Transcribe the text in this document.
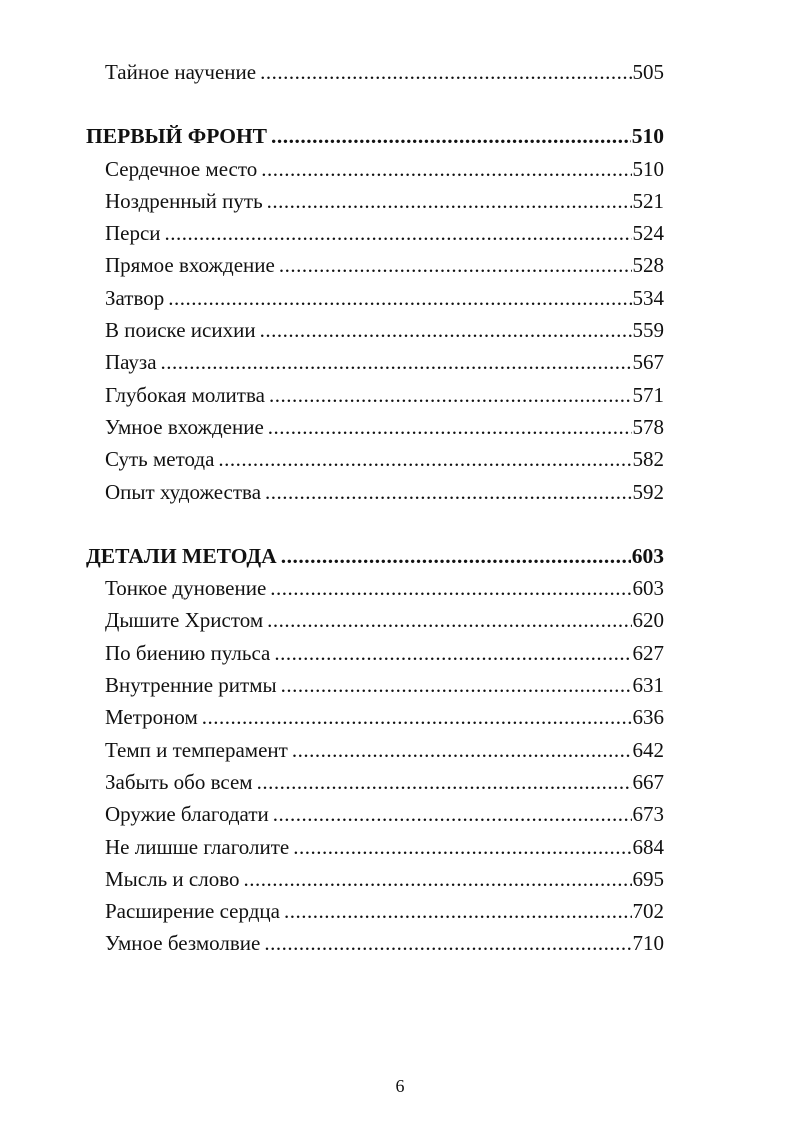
Тайное научение .....	505
ПЕРВЫЙ ФРОНТ .....	510
Сердечное место .....	510
Ноздренный путь .....	521
Перси .....	524
Прямое вхождение .....	528
Затвор .....	534
В поиске исихии .....	559
Пауза .....	567
Глубокая молитва .....	571
Умное вхождение .....	578
Суть метода .....	582
Опыт художества .....	592
ДЕТАЛИ МЕТОДА .....	603
Тонкое дуновение .....	603
Дышите Христом .....	620
По биению пульса .....	627
Внутренние ритмы .....	631
Метроном .....	636
Темп и темперамент .....	642
Забыть обо всем .....	667
Оружие благодати .....	673
Не лишше глаголите .....	684
Мысль и слово .....	695
Расширение сердца .....	702
Умное безмолвие .....	710
6
